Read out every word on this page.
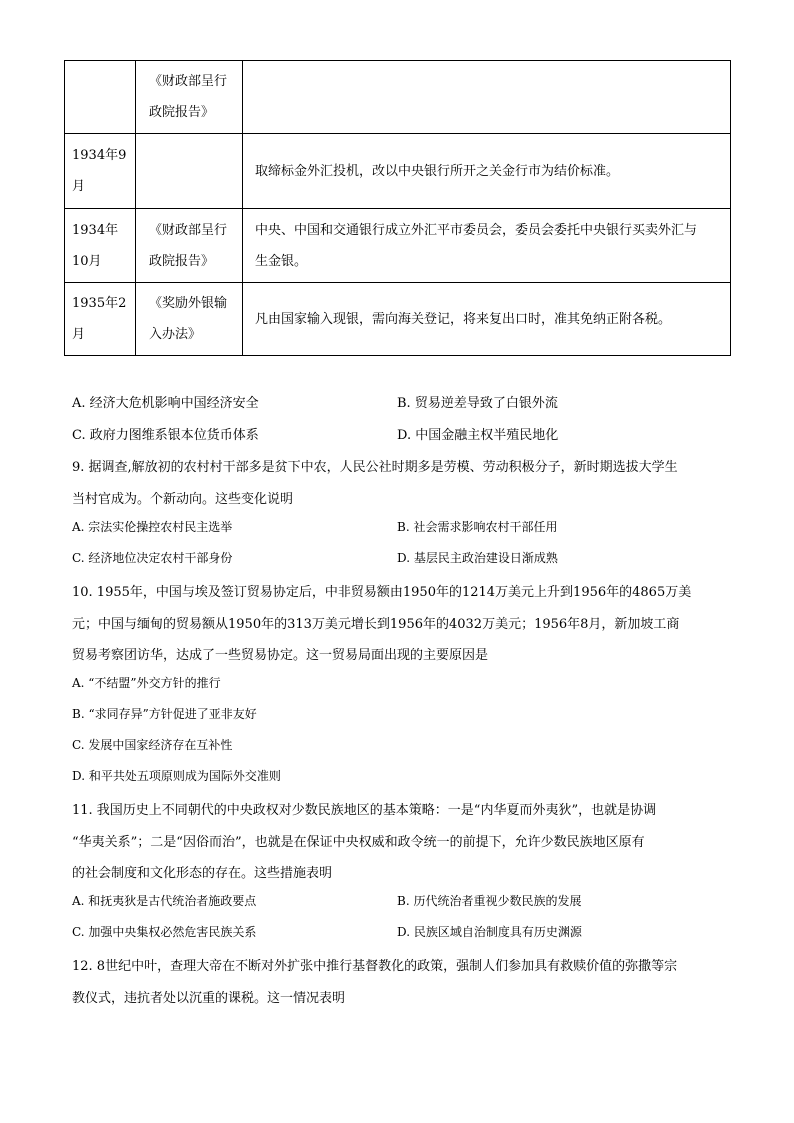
	《财政部呈行
政院报告》	

1934年9
月		取缔标金外汇投机，改以中央银行所开之关金行市为结价标准。

1934年
10月	《财政部呈行
政院报告》	中央、中国和交通银行成立外汇平市委员会，委员会委托中央银行买卖外汇与
生金银。

1935年2
月	《奖励外银输
入办法》	凡由国家输入现银，需向海关登记，将来复出口时，准其免纳正附各税。
A. 经济大危机影响中国经济安全	B. 贸易逆差导致了白银外流
C. 政府力图维系银本位货币体系	D. 中国金融主权半殖民地化
9. 据调查,解放初的农村村干部多是贫下中农，人民公社时期多是劳模、劳动积极分子，新时期选拔大学生
当村官成为。个新动向。这些变化说明
A. 宗法实伦操控农村民主选举	B. 社会需求影响农村干部任用
C. 经济地位决定农村干部身份	D. 基层民主政治建设日渐成熟
10. 1955年，中国与埃及签订贸易协定后，中非贸易额由1950年的1214万美元上升到1956年的4865万美
元；中国与缅甸的贸易额从1950年的313万美元增长到1956年的4032万美元；1956年8月，新加坡工商
贸易考察团访华，达成了一些贸易协定。这一贸易局面出现的主要原因是
A. “不结盟”外交方针的推行
B. “求同存异”方针促进了亚非友好
C. 发展中国家经济存在互补性
D. 和平共处五项原则成为国际外交准则
11. 我国历史上不同朝代的中央政权对少数民族地区的基本策略：一是“内华夏而外夷狄”，也就是协调
“华夷关系”；二是“因俗而治”，也就是在保证中央权威和政令统一的前提下，允许少数民族地区原有
的社会制度和文化形态的存在。这些措施表明
A. 和抚夷狄是古代统治者施政要点	B. 历代统治者重视少数民族的发展
C. 加强中央集权必然危害民族关系	D. 民族区域自治制度具有历史渊源
12. 8世纪中叶，查理大帝在不断对外扩张中推行基督教化的政策，强制人们参加具有救赎价值的弥撒等宗
教仪式，违抗者处以沉重的课税。这一情况表明
